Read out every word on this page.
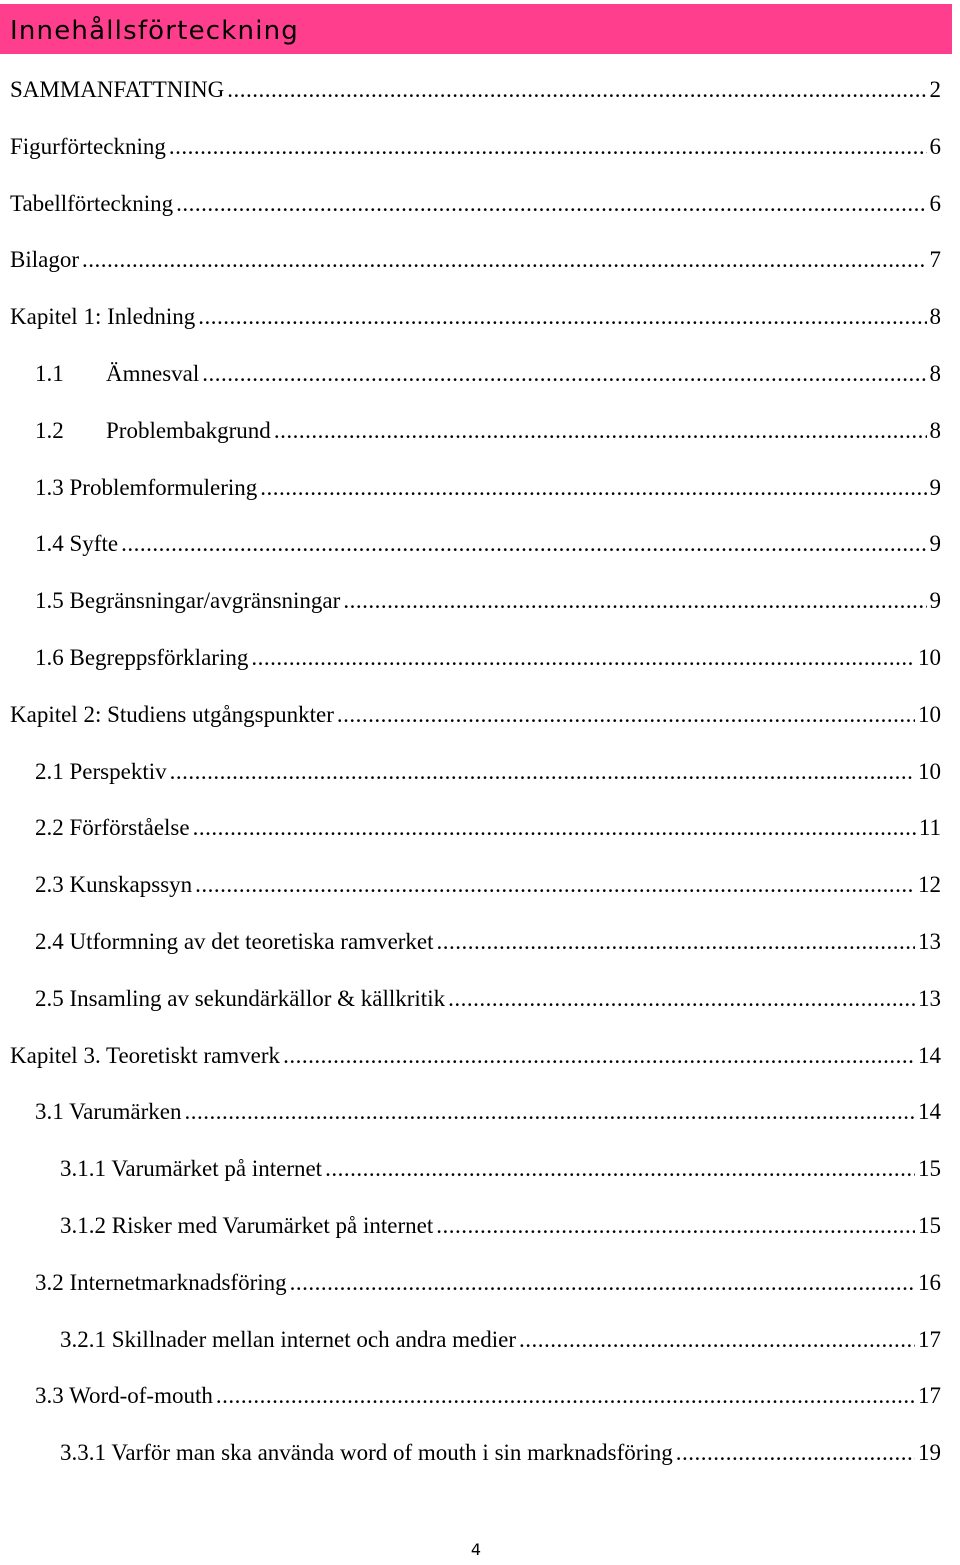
Innehållsförteckning
SAMMANFATTNING .....	2
Figurförteckning .....	6
Tabellförteckning .....	6
Bilagor .....	7
Kapitel 1: Inledning .....	8
1.1 Ämnesval .....	8
1.2 Problembakgrund .....	8
1.3 Problemformulering .....	9
1.4 Syfte .....	9
1.5 Begränsningar/avgränsningar .....	9
1.6 Begreppsförklaring .....	10
Kapitel 2: Studiens utgångspunkter .....	10
2.1 Perspektiv .....	10
2.2 Förförståelse .....	11
2.3 Kunskapssyn .....	12
2.4 Utformning av det teoretiska ramverket .....	13
2.5 Insamling av sekundärkällor & källkritik .....	13
Kapitel 3. Teoretiskt ramverk .....	14
3.1 Varumärken .....	14
3.1.1 Varumärket på internet .....	15
3.1.2 Risker med Varumärket på internet .....	15
3.2 Internetmarknadsföring .....	16
3.2.1 Skillnader mellan internet och andra medier .....	17
3.3 Word-of-mouth .....	17
3.3.1 Varför man ska använda word of mouth i sin marknadsföring .....	19
4
